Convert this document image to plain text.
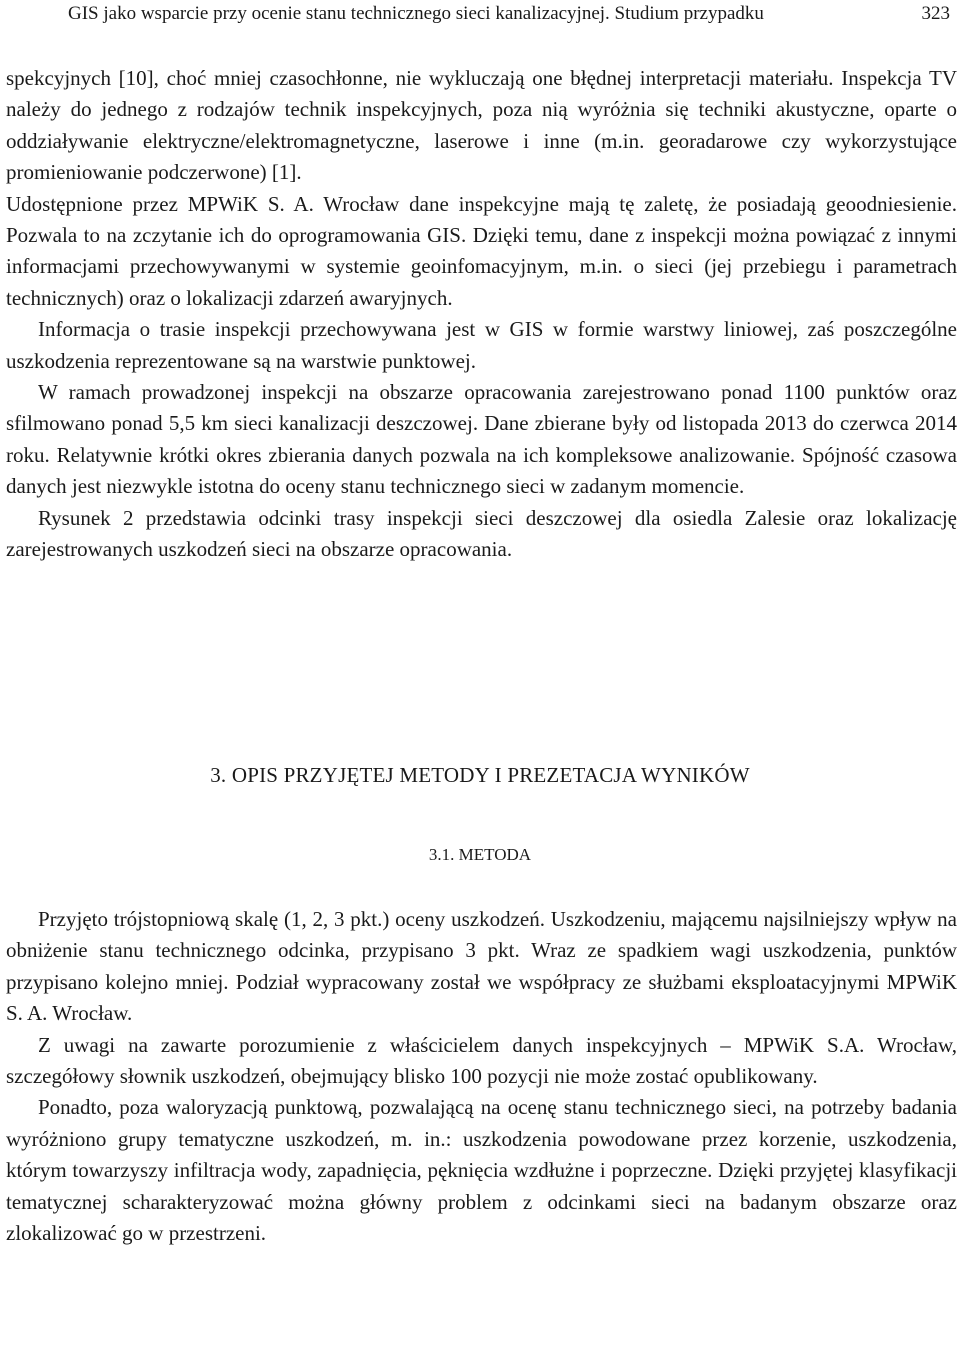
GIS jako wsparcie przy ocenie stanu technicznego sieci kanalizacyjnej. Studium przypadku	323

spekcyjnych [10], choć mniej czasochłonne, nie wykluczają one błędnej interpretacji materiału. Inspekcja TV należy do jednego z rodzajów technik inspekcyjnych, poza nią wyróżnia się techniki akustyczne, oparte o oddziaływanie elektryczne/elektromagnetyczne, laserowe i inne (m.in. georadarowe czy wykorzystujące promieniowanie podczerwone) [1].

Udostępnione przez MPWiK S. A. Wrocław dane inspekcyjne mają tę zaletę, że posiadają geoodniesienie. Pozwala to na zczytanie ich do oprogramowania GIS. Dzięki temu, dane z inspekcji można powiązać z innymi informacjami przechowywanymi w systemie geoinfomacyjnym, m.in. o sieci (jej przebiegu i parametrach technicznych) oraz o lokalizacji zdarzeń awaryjnych.

Informacja o trasie inspekcji przechowywana jest w GIS w formie warstwy liniowej, zaś poszczególne uszkodzenia reprezentowane są na warstwie punktowej.

W ramach prowadzonej inspekcji na obszarze opracowania zarejestrowano ponad 1100 punktów oraz sfilmowano ponad 5,5 km sieci kanalizacji deszczowej. Dane zbierane były od listopada 2013 do czerwca 2014 roku. Relatywnie krótki okres zbierania danych pozwala na ich kompleksowe analizowanie. Spójność czasowa danych jest niezwykle istotna do oceny stanu technicznego sieci w zadanym momencie.

Rysunek 2 przedstawia odcinki trasy inspekcji sieci deszczowej dla osiedla Zalesie oraz lokalizację zarejestrowanych uszkodzeń sieci na obszarze opracowania.

3. OPIS PRZYJĘTEJ METODY I PREZETACJA WYNIKÓW
3.1. METODA

Przyjęto trójstopniową skalę (1, 2, 3 pkt.) oceny uszkodzeń. Uszkodzeniu, mającemu najsilniejszy wpływ na obniżenie stanu technicznego odcinka, przypisano 3 pkt. Wraz ze spadkiem wagi uszkodzenia, punktów przypisano kolejno mniej. Podział wypracowany został we współpracy ze służbami eksploatacyjnymi MPWiK S. A. Wrocław.

Z uwagi na zawarte porozumienie z właścicielem danych inspekcyjnych – MPWiK S.A. Wrocław, szczegółowy słownik uszkodzeń, obejmujący blisko 100 pozycji nie może zostać opublikowany.

Ponadto, poza waloryzacją punktową, pozwalającą na ocenę stanu technicznego sieci, na potrzeby badania wyróżniono grupy tematyczne uszkodzeń, m. in.: uszkodzenia powodowane przez korzenie, uszkodzenia, którym towarzyszy infiltracja wody, zapadnięcia, pęknięcia wzdłużne i poprzeczne. Dzięki przyjętej klasyfikacji tematycznej scharakteryzować można główny problem z odcinkami sieci na badanym obszarze oraz zlokalizować go w przestrzeni.
